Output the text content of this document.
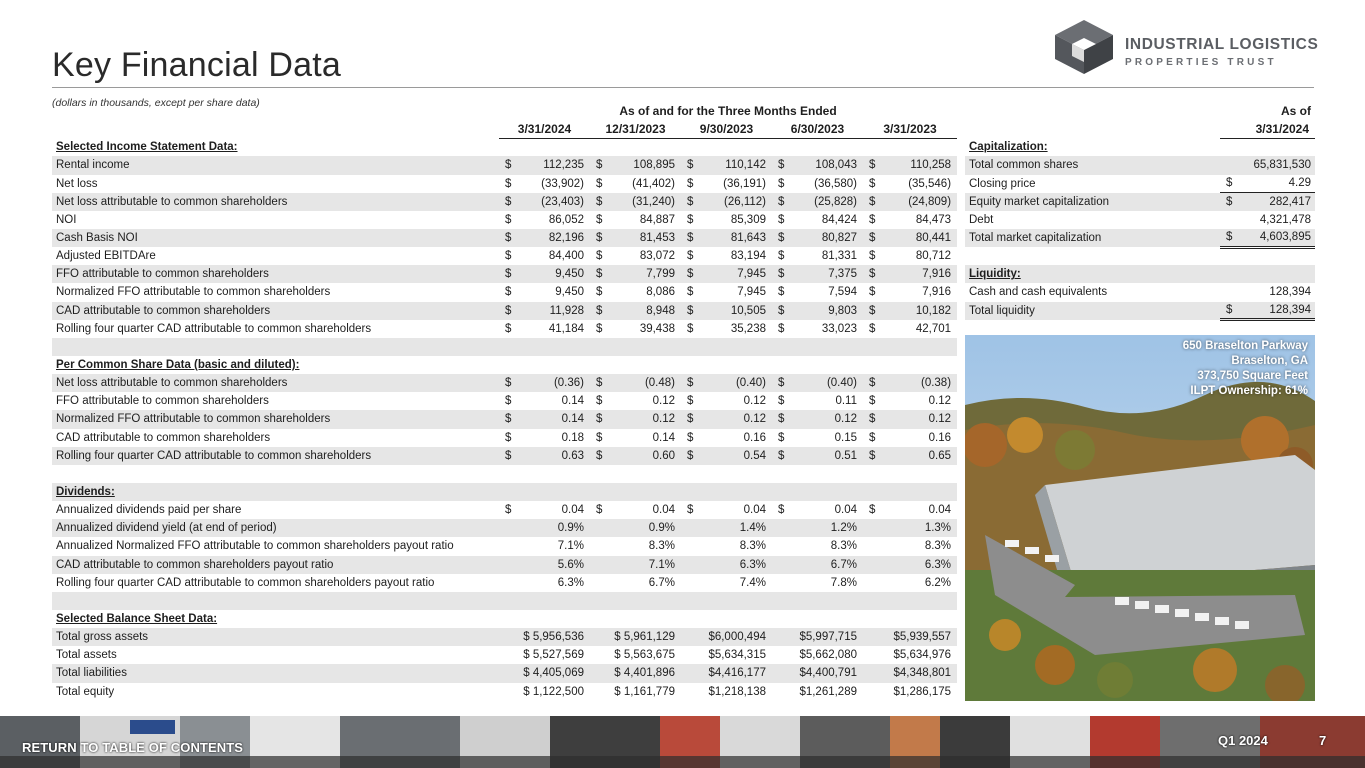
Key Financial Data
INDUSTRIAL LOGISTICS
PROPERTIES TRUST
(dollars in thousands, except per share data)
	As of and for the Three Months Ended									
	3/31/2024		12/31/2023		9/30/2023		6/30/2023		3/31/2023	
Selected Income Statement Data:										
Rental income	$	112,235	$	108,895	$	110,142	$	108,043	$	110,258
Net loss	$	(33,902)	$	(41,402)	$	(36,191)	$	(36,580)	$	(35,546)
Net loss attributable to common shareholders	$	(23,403)	$	(31,240)	$	(26,112)	$	(25,828)	$	(24,809)
NOI	$	86,052	$	84,887	$	85,309	$	84,424	$	84,473
Cash Basis NOI	$	82,196	$	81,453	$	81,643	$	80,827	$	80,441
Adjusted EBITDAre	$	84,400	$	83,072	$	83,194	$	81,331	$	80,712
FFO attributable to common shareholders	$	9,450	$	7,799	$	7,945	$	7,375	$	7,916
Normalized FFO attributable to common shareholders	$	9,450	$	8,086	$	7,945	$	7,594	$	7,916
CAD attributable to common shareholders	$	11,928	$	8,948	$	10,505	$	9,803	$	10,182
Rolling four quarter CAD attributable to common shareholders	$	41,184	$	39,438	$	35,238	$	33,023	$	42,701

Per Common Share Data (basic and diluted):										
Net loss attributable to common shareholders	$	(0.36)	$	(0.48)	$	(0.40)	$	(0.40)	$	(0.38)
FFO attributable to common shareholders	$	0.14	$	0.12	$	0.12	$	0.11	$	0.12
Normalized FFO attributable to common shareholders	$	0.14	$	0.12	$	0.12	$	0.12	$	0.12
CAD attributable to common shareholders	$	0.18	$	0.14	$	0.16	$	0.15	$	0.16
Rolling four quarter CAD attributable to common shareholders	$	0.63	$	0.60	$	0.54	$	0.51	$	0.65

Dividends:										
Annualized dividends paid per share	$	0.04	$	0.04	$	0.04	$	0.04	$	0.04
Annualized dividend yield (at end of period)	0.9%		0.9%		1.4%		1.2%		1.3%	
Annualized Normalized FFO attributable to common shareholders payout ratio	7.1%		8.3%		8.3%		8.3%		8.3%	
CAD attributable to common shareholders payout ratio	5.6%		7.1%		6.3%		6.7%		6.3%	
Rolling four quarter CAD attributable to common shareholders payout ratio	6.3%		6.7%		7.4%		7.8%		6.2%	

Selected Balance Sheet Data:										
Total gross assets	$ 5,956,536		$ 5,961,129		$6,000,494		$5,997,715		$5,939,557	
Total assets	$ 5,527,569		$ 5,563,675		$5,634,315		$5,662,080		$5,634,976	
Total liabilities	$ 4,405,069		$ 4,401,896		$4,416,177		$4,400,791		$4,348,801	
Total equity	$ 1,122,500		$ 1,161,779		$1,218,138		$1,261,289		$1,286,175	
	As of	
	3/31/2024	
Capitalization:		
Total common shares		65,831,530
Closing price	$	4.29
Equity market capitalization	$	282,417
Debt		4,321,478
Total market capitalization	$	4,603,895

Liquidity:		
Cash and cash equivalents		128,394
Total liquidity	$	128,394
650 Braselton Parkway
Braselton, GA
373,750 Square Feet
ILPT Ownership: 61%
RETURN TO TABLE OF CONTENTS	Q1 2024	7
